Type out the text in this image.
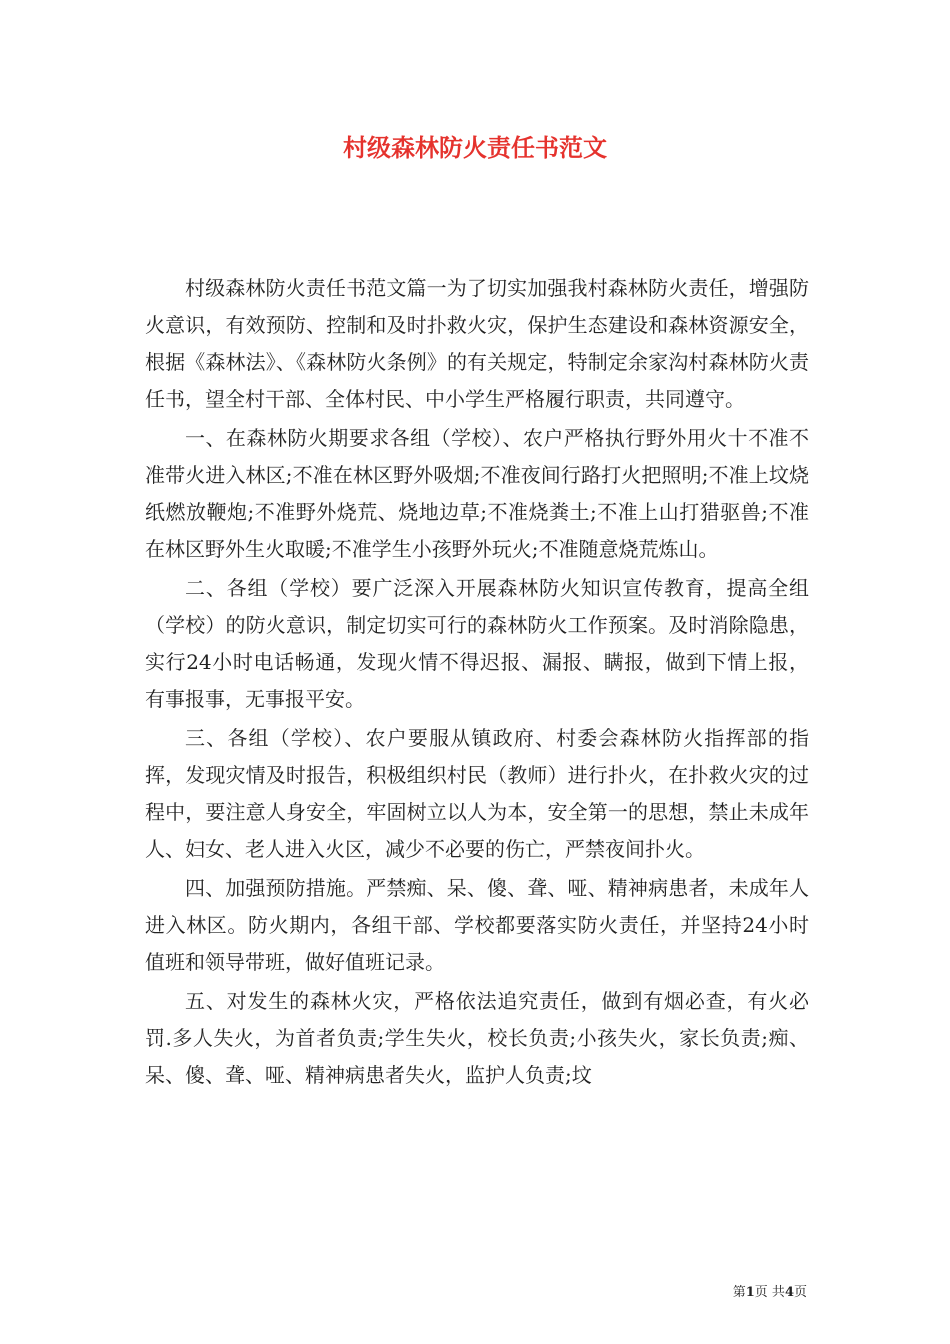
村级森林防火责任书范文

村级森林防火责任书范文篇一为了切实加强我村森林防火责任，增强防火意识，有效预防、控制和及时扑救火灾，保护生态建设和森林资源安全，根据《森林法》、《森林防火条例》的有关规定，特制定余家沟村森林防火责任书，望全村干部、全体村民、中小学生严格履行职责，共同遵守。

一、在森林防火期要求各组（学校）、农户严格执行野外用火十不准不准带火进入林区;不准在林区野外吸烟;不准夜间行路打火把照明;不准上坟烧纸燃放鞭炮;不准野外烧荒、烧地边草;不准烧粪土;不准上山打猎驱兽;不准在林区野外生火取暖;不准学生小孩野外玩火;不准随意烧荒炼山。

二、各组（学校）要广泛深入开展森林防火知识宣传教育，提高全组（学校）的防火意识，制定切实可行的森林防火工作预案。及时消除隐患，实行24小时电话畅通，发现火情不得迟报、漏报、瞒报，做到下情上报，有事报事，无事报平安。

三、各组（学校）、农户要服从镇政府、村委会森林防火指挥部的指挥，发现灾情及时报告，积极组织村民（教师）进行扑火，在扑救火灾的过程中，要注意人身安全，牢固树立以人为本，安全第一的思想，禁止未成年人、妇女、老人进入火区，减少不必要的伤亡，严禁夜间扑火。

四、加强预防措施。严禁痴、呆、傻、聋、哑、精神病患者，未成年人进入林区。防火期内，各组干部、学校都要落实防火责任，并坚持24小时值班和领导带班，做好值班记录。

五、对发生的森林火灾，严格依法追究责任，做到有烟必查，有火必罚.多人失火，为首者负责;学生失火，校长负责;小孩失火，家长负责;痴、呆、傻、聋、哑、精神病患者失火，监护人负责;坟

第1页 共4页
